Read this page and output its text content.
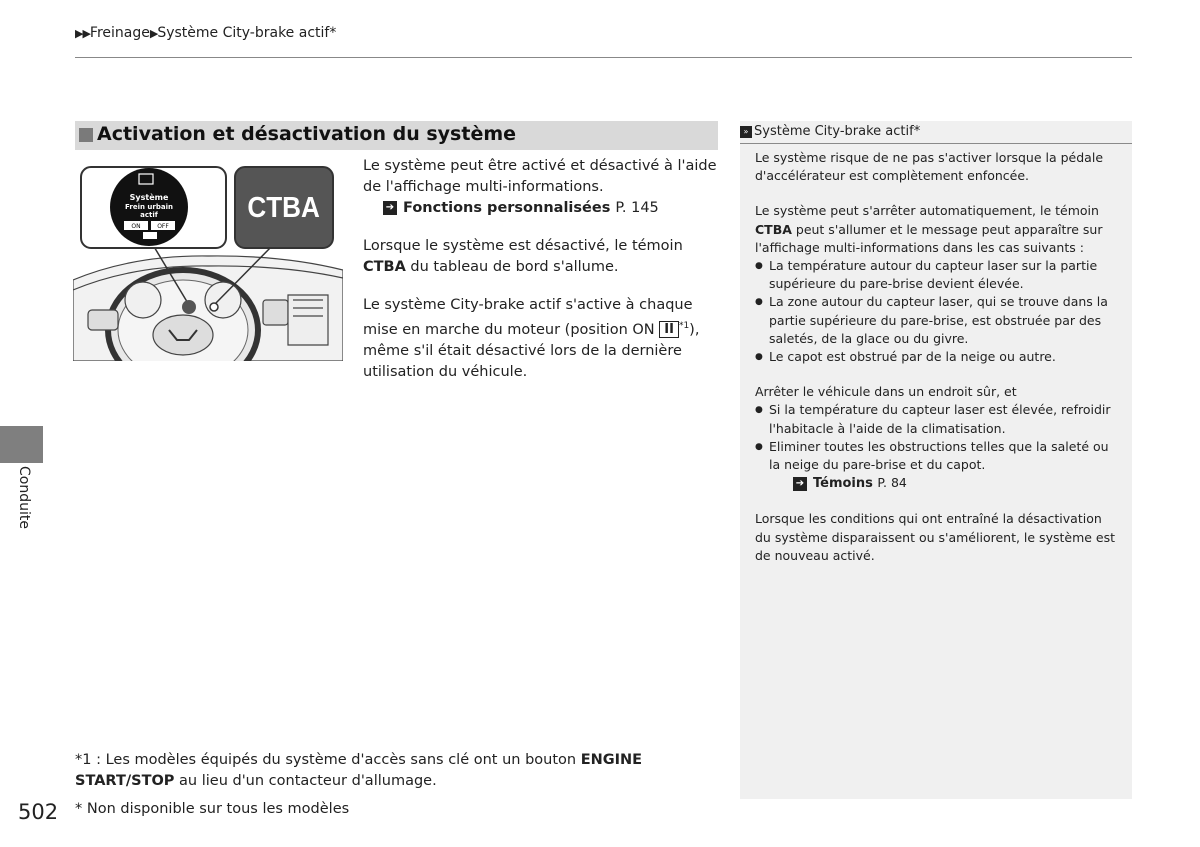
▶▶Freinage▶Système City-brake actif*
Activation et désactivation du système
Système
Frein urbain
actif
ON	OFF
CTBA
Le système peut être activé et désactivé à l'aide de l'affichage multi-informations.
➔ Fonctions personnalisées P. 145
Lorsque le système est désactivé, le témoin CTBA du tableau de bord s'allume.
Le système City-brake actif s'active à chaque mise en marche du moteur (position ON II $^{*1}$), même s'il était désactivé lors de la dernière utilisation du véhicule.
» Système City-brake actif*

Le système risque de ne pas s'activer lorsque la pédale d'accélérateur est complètement enfoncée.

Le système peut s'arrêter automatiquement, le témoin CTBA peut s'allumer et le message peut apparaître sur l'affichage multi-informations dans les cas suivants :

● La température autour du capteur laser sur la partie supérieure du pare-brise devient élevée.
● La zone autour du capteur laser, qui se trouve dans la partie supérieure du pare-brise, est obstruée par des saletés, de la glace ou du givre.
● Le capot est obstrué par de la neige ou autre.

Arrêter le véhicule dans un endroit sûr, et

● Si la température du capteur laser est élevée, refroidir l'habitacle à l'aide de la climatisation.
● Eliminer toutes les obstructions telles que la saleté ou la neige du pare-brise et du capot.
➔ Témoins P. 84

Lorsque les conditions qui ont entraîné la désactivation du système disparaissent ou s'améliorent, le système est de nouveau activé.

Conduite
*1 : Les modèles équipés du système d'accès sans clé ont un bouton ENGINE START/STOP au lieu d'un contacteur d'allumage.
* Non disponible sur tous les modèles
502
